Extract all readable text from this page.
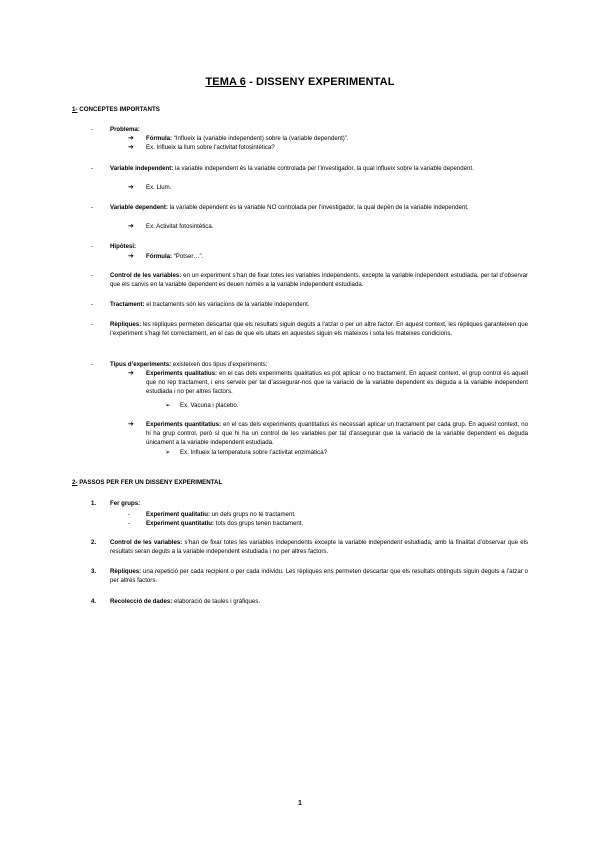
TEMA 6 - DISSENY EXPERIMENTAL
1- CONCEPTES IMPORTANTS
-	Problema:
➔ Fórmula: “Influeix la (variable independent) sobre la (variable dependent)”.
➔ Ex. Influeix la llum sobre l’activitat fotosintètica?
-	Variable independent: la variable independent és la variable controlada per l’investigador, la qual influeix sobre la variable dependent.
➔ Ex. Llum.
-	Variable dependent: la variable dependent és la variable NO controlada per l’investigador, la qual depèn de la variable independent.
➔ Ex. Activitat fotosintètica.
-	Hipòtesi:
➔ Fórmula: “Potser…”.
-	Control de les variables: en un experiment s’han de fixar totes les variables independents, excepte la variable independent estudiada, per tal d’observar que els canvis en la variable dependent es deuen només a la variable independent estudiada.
-	Tractament: el tractaments són les variacions de la variable independent.
-	Rèpliques: les rèpliques permeten descartar que els resultats siguin deguts a l’atzar o per un altre factor. En aquest context, les rèpliques garanteixen que l’experiment s’hagi fet correctament, en el cas de que els ultats en aquestes siguin els mateixos i sota les mateixes condicions.
-	Tipus d’experiments: existeixen dos tipus d’experiments;
➔ Experiments qualitatius: en el cas dels experiments qualitatius es pot aplicar o no tractament. En aquest context, el grup control és aquell que no rep tractament, i ens serveix per tal d’assegurar-nos que la variació de la variable dependent és deguda a la variable independent estudiada i no per altres factors.
➢ Ex. Vacuna i placebo.
➔ Experiments quantitatius: en el cas dels experiments quantitatius és necessari aplicar un tractament per cada grup. En aquest context, no hi ha grup control, però sí que hi ha un control de les variables per tal d’assegurar que la variació de la variable dependent es deguda únicament a la variable independent estudiada.
➢ Ex. Influeix la temperatura sobre l’activitat enzimàtica?
2- PASSOS PER FER UN DISSENY EXPERIMENTAL
1. Fer grups:
-	Experiment qualitatiu: un dels grups no té tractament.
-	Experiment quantitatiu: tots dos grups tenen tractament.
2. Control de les variables: s’han de fixar totes les variables independents excepte la variable independent estudiada, amb la finalitat d’observar que els resultats seran deguts a la variable independent estudiada i no per altres factors.
3. Rèpliques: una repetició per cada recipient o per cada individu. Les rèpliques ens permeten descartar que els resultats obtinguts siguin deguts a l’atzar o per altres factors.
4. Recolecció de dades: elaboració de taules i gràfiques.
1
